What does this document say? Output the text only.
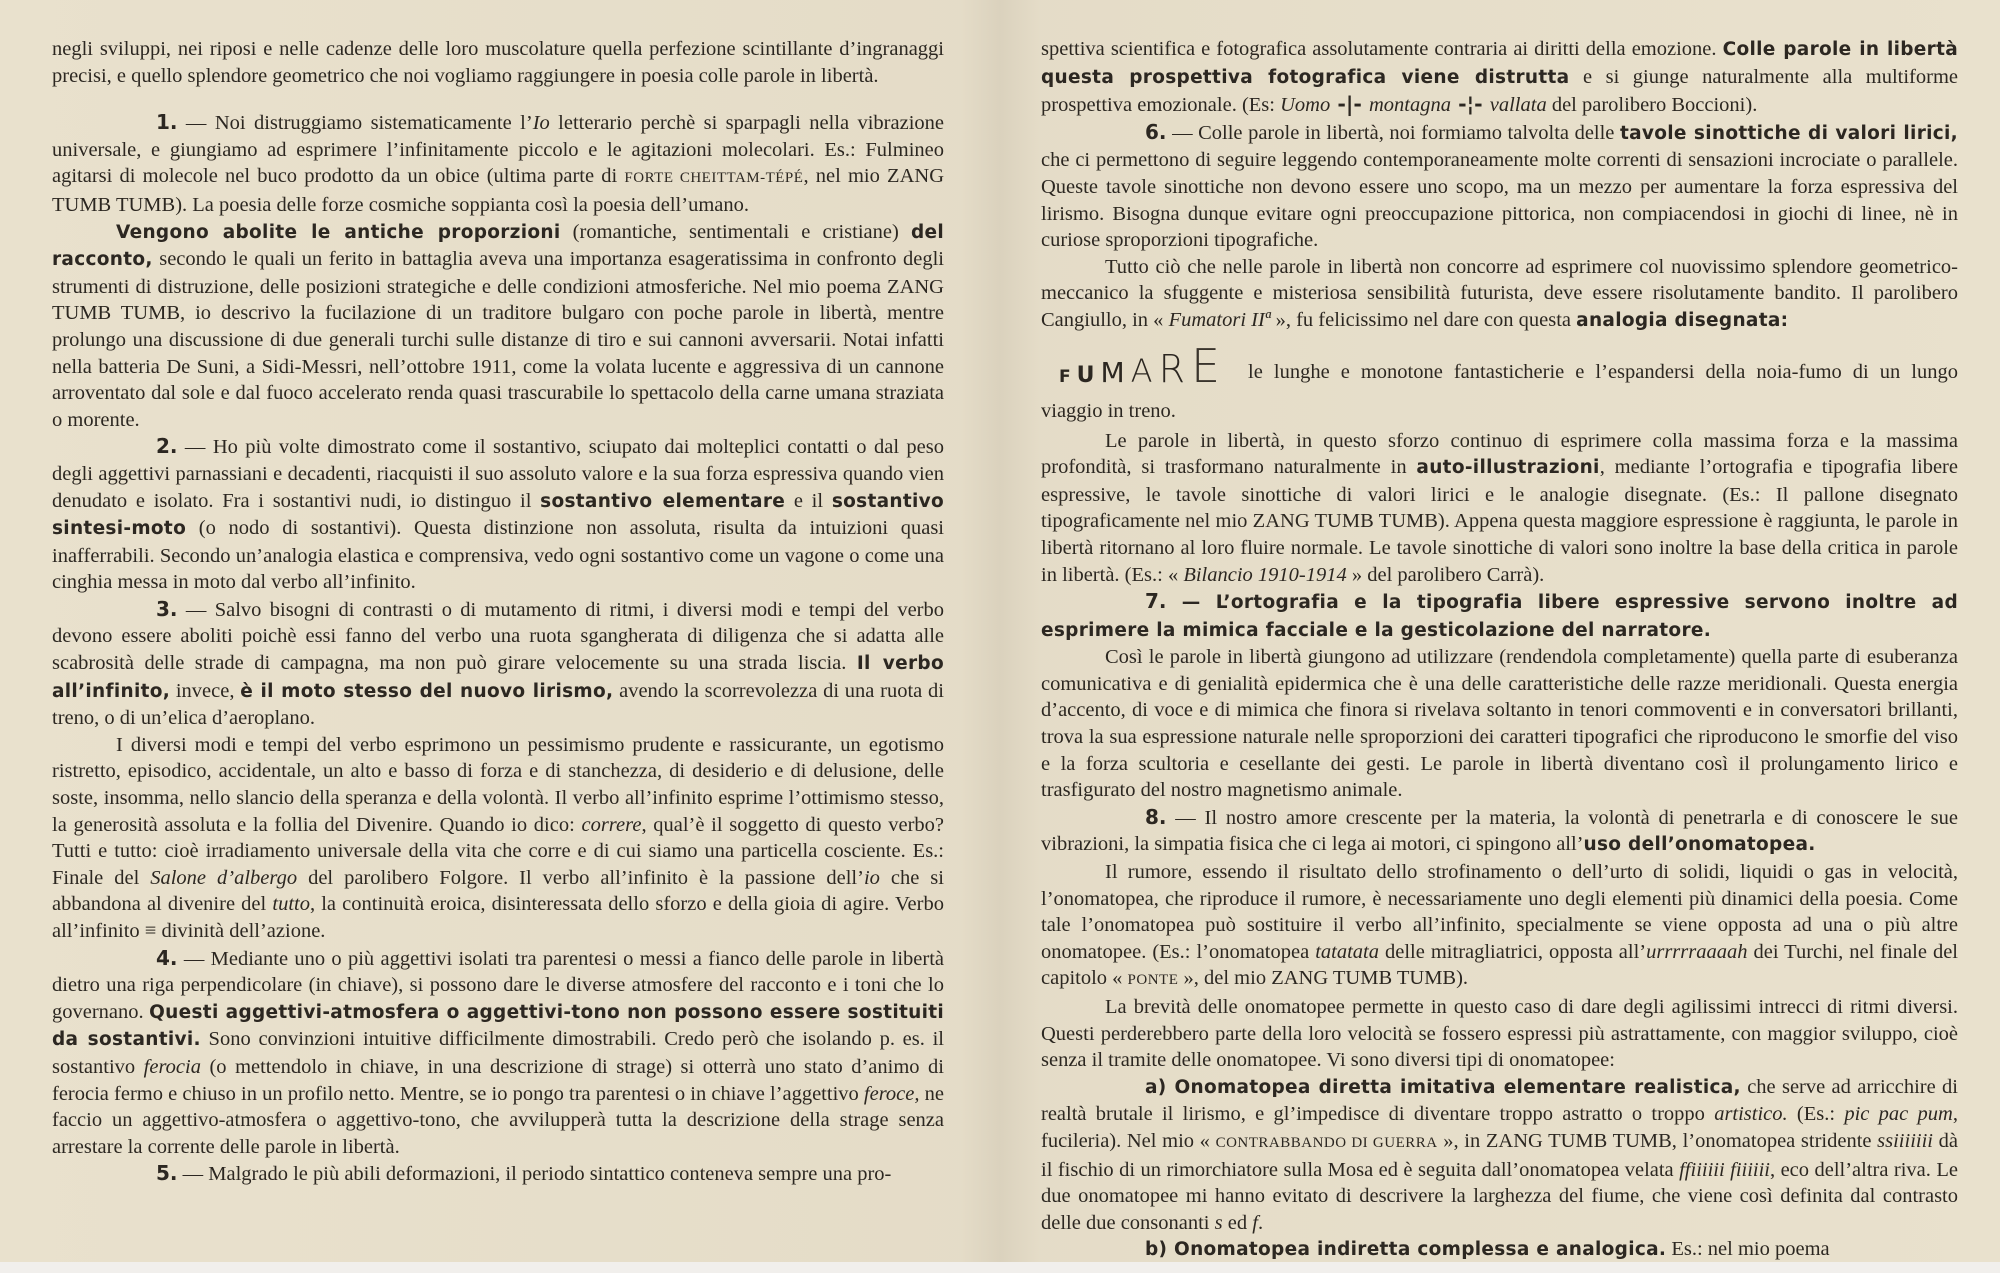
negli sviluppi, nei riposi e nelle cadenze delle loro muscolature quella perfezione scintillante d’ingranaggi precisi, e quello splendore geometrico che noi vogliamo raggiungere in poesia colle parole in libertà.

1. — Noi distruggiamo sistematicamente l’Io letterario perchè si sparpagli nella vibrazione universale, e giungiamo ad esprimere l’infinitamente piccolo e le agitazioni molecolari. Es.: Fulmineo agitarsi di molecole nel buco prodotto da un obice (ultima parte di FORTE CHEITTAM-TÉPÉ, nel mio ZANG TUMB TUMB). La poesia delle forze cosmiche soppianta così la poesia dell’umano.

Vengono abolite le antiche proporzioni (romantiche, sentimentali e cristiane) del racconto, secondo le quali un ferito in battaglia aveva una importanza esageratissima in confronto degli strumenti di distruzione, delle posizioni strategiche e delle condizioni atmosferiche. Nel mio poema ZANG TUMB TUMB, io descrivo la fucilazione di un traditore bulgaro con poche parole in libertà, mentre prolungo una discussione di due generali turchi sulle distanze di tiro e sui cannoni avversarii. Notai infatti nella batteria De Suni, a Sidi-Messri, nell’ottobre 1911, come la volata lucente e aggressiva di un cannone arroventato dal sole e dal fuoco accelerato renda quasi trascurabile lo spettacolo della carne umana straziata o morente.

2. — Ho più volte dimostrato come il sostantivo, sciupato dai molteplici contatti o dal peso degli aggettivi parnassiani e decadenti, riacquisti il suo assoluto valore e la sua forza espressiva quando vien denudato e isolato. Fra i sostantivi nudi, io distinguo il sostantivo elementare e il sostantivo sintesi-moto (o nodo di sostantivi). Questa distinzione non assoluta, risulta da intuizioni quasi inafferrabili. Secondo un’analogia elastica e comprensiva, vedo ogni sostantivo come un vagone o come una cinghia messa in moto dal verbo all’infinito.

3. — Salvo bisogni di contrasti o di mutamento di ritmi, i diversi modi e tempi del verbo devono essere aboliti poichè essi fanno del verbo una ruota sgangherata di diligenza che si adatta alle scabrosità delle strade di campagna, ma non può girare velocemente su una strada liscia. Il verbo all’infinito, invece, è il moto stesso del nuovo lirismo, avendo la scorrevolezza di una ruota di treno, o di un’elica d’aeroplano.

I diversi modi e tempi del verbo esprimono un pessimismo prudente e rassicurante, un egotismo ristretto, episodico, accidentale, un alto e basso di forza e di stanchezza, di desiderio e di delusione, delle soste, insomma, nello slancio della speranza e della volontà. Il verbo all’infinito esprime l’ottimismo stesso, la generosità assoluta e la follia del Divenire. Quando io dico: correre, qual’è il soggetto di questo verbo? Tutti e tutto: cioè irradiamento universale della vita che corre e di cui siamo una particella cosciente. Es.: Finale del Salone d’albergo del parolibero Folgore. Il verbo all’infinito è la passione dell’io che si abbandona al divenire del tutto, la continuità eroica, disinteressata dello sforzo e della gioia di agire. Verbo all’infinito ≡ divinità dell’azione.

4. — Mediante uno o più aggettivi isolati tra parentesi o messi a fianco delle parole in libertà dietro una riga perpendicolare (in chiave), si possono dare le diverse atmosfere del racconto e i toni che lo governano. Questi aggettivi-atmosfera o aggettivi-tono non possono essere sostituiti da sostantivi. Sono convinzioni intuitive difficilmente dimostrabili. Credo però che isolando p. es. il sostantivo ferocia (o mettendolo in chiave, in una descrizione di strage) si otterrà uno stato d’animo di ferocia fermo e chiuso in un profilo netto. Mentre, se io pongo tra parentesi o in chiave l’aggettivo feroce, ne faccio un aggettivo-atmosfera o aggettivo-tono, che avvilupperà tutta la descrizione della strage senza arrestare la corrente delle parole in libertà.

5. — Malgrado le più abili deformazioni, il periodo sintattico conteneva sempre una pro-

spettiva scientifica e fotografica assolutamente contraria ai diritti della emozione. Colle parole in libertà questa prospettiva fotografica viene distrutta e si giunge naturalmente alla multiforme prospettiva emozionale. (Es: Uomo -|- montagna -¦- vallata del parolibero Boccioni).

6. — Colle parole in libertà, noi formiamo talvolta delle tavole sinottiche di valori lirici, che ci permettono di seguire leggendo contemporaneamente molte correnti di sensazioni incrociate o parallele. Queste tavole sinottiche non devono essere uno scopo, ma un mezzo per aumentare la forza espressiva del lirismo. Bisogna dunque evitare ogni preoccupazione pittorica, non compiacendosi in giochi di linee, nè in curiose sproporzioni tipografiche.

Tutto ciò che nelle parole in libertà non concorre ad esprimere col nuovissimo splendore geometrico-meccanico la sfuggente e misteriosa sensibilità futurista, deve essere risolutamente bandito. Il parolibero Cangiullo, in « Fumatori IIª », fu felicissimo nel dare con questa analogia disegnata:

FUMARE le lunghe e monotone fantasticherie e l’espandersi della noia-fumo di un lungo viaggio in treno.

Le parole in libertà, in questo sforzo continuo di esprimere colla massima forza e la massima profondità, si trasformano naturalmente in auto-illustrazioni, mediante l’ortografia e tipografia libere espressive, le tavole sinottiche di valori lirici e le analogie disegnate. (Es.: Il pallone disegnato tipograficamente nel mio ZANG TUMB TUMB). Appena questa maggiore espressione è raggiunta, le parole in libertà ritornano al loro fluire normale. Le tavole sinottiche di valori sono inoltre la base della critica in parole in libertà. (Es.: « Bilancio 1910-1914 » del parolibero Carrà).

7. — L’ortografia e la tipografia libere espressive servono inoltre ad esprimere la mimica facciale e la gesticolazione del narratore.

Così le parole in libertà giungono ad utilizzare (rendendola completamente) quella parte di esuberanza comunicativa e di genialità epidermica che è una delle caratteristiche delle razze meridionali. Questa energia d’accento, di voce e di mimica che finora si rivelava soltanto in tenori commoventi e in conversatori brillanti, trova la sua espressione naturale nelle sproporzioni dei caratteri tipografici che riproducono le smorfie del viso e la forza scultoria e cesellante dei gesti. Le parole in libertà diventano così il prolungamento lirico e trasfigurato del nostro magnetismo animale.

8. — Il nostro amore crescente per la materia, la volontà di penetrarla e di conoscere le sue vibrazioni, la simpatia fisica che ci lega ai motori, ci spingono all’uso dell’onomatopea.

Il rumore, essendo il risultato dello strofinamento o dell’urto di solidi, liquidi o gas in velocità, l’onomatopea, che riproduce il rumore, è necessariamente uno degli elementi più dinamici della poesia. Come tale l’onomatopea può sostituire il verbo all’infinito, specialmente se viene opposta ad una o più altre onomatopee. (Es.: l’onomatopea tatatata delle mitragliatrici, opposta all’urrrrraaaah dei Turchi, nel finale del capitolo « PONTE », del mio ZANG TUMB TUMB).

La brevità delle onomatopee permette in questo caso di dare degli agilissimi intrecci di ritmi diversi. Questi perderebbero parte della loro velocità se fossero espressi più astrattamente, con maggior sviluppo, cioè senza il tramite delle onomatopee. Vi sono diversi tipi di onomatopee:

a) Onomatopea diretta imitativa elementare realistica, che serve ad arricchire di realtà brutale il lirismo, e gl’impedisce di diventare troppo astratto o troppo artistico. (Es.: pic pac pum, fucileria). Nel mio « CONTRABBANDO DI GUERRA », in ZANG TUMB TUMB, l’onomatopea stridente ssiiiiiii dà il fischio di un rimorchiatore sulla Mosa ed è seguita dall’onomatopea velata ffiiiiii fiiiiii, eco dell’altra riva. Le due onomatopee mi hanno evitato di descrivere la larghezza del fiume, che viene così definita dal contrasto delle due consonanti s ed f.

b) Onomatopea indiretta complessa e analogica. Es.: nel mio poema
